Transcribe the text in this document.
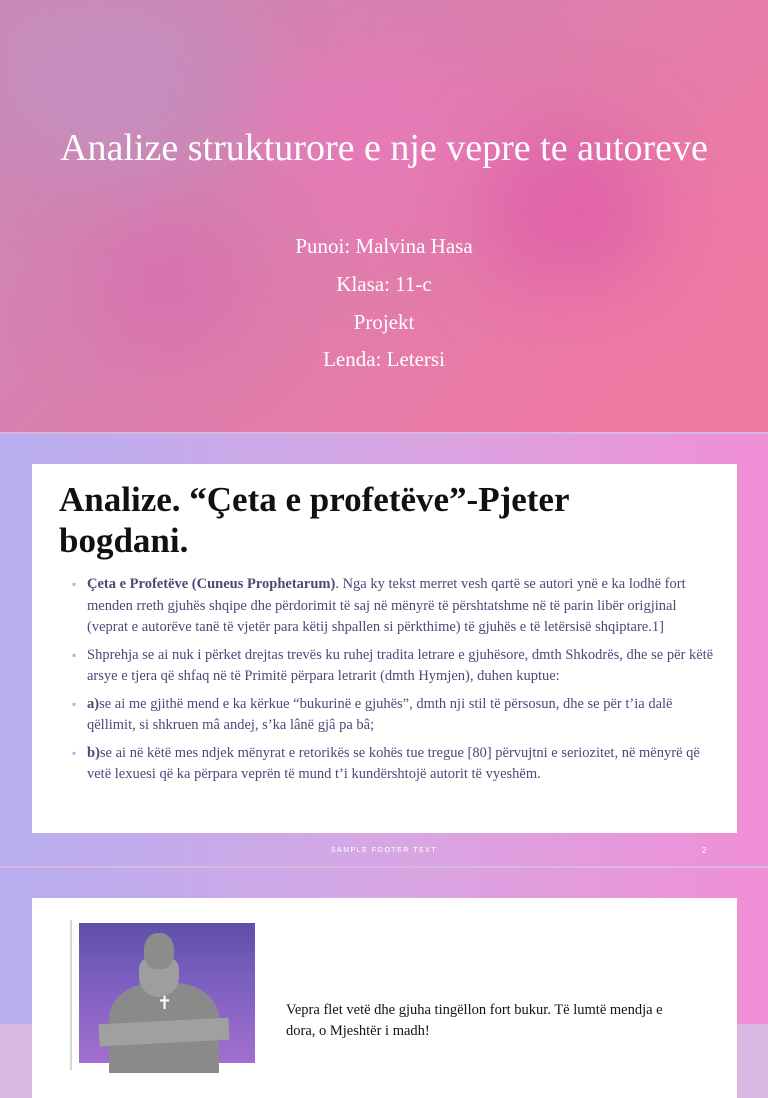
Analize strukturore e nje vepre te autoreve
Punoi: Malvina Hasa
Klasa: 11-c
Projekt
Lenda: Letersi
Analize. “Çeta e profetëve”-Pjeter bogdani.
▪ Çeta e Profetëve (Cuneus Prophetarum). Nga ky tekst merret vesh qartë se autori ynë e ka lodhë fort menden rreth gjuhës shqipe dhe përdorimit të saj në mënyrë të përshtatshme në të parin libër origjinal (veprat e autorëve tanë të vjetër para këtij shpallen si përkthime) të gjuhës e të letërsisë shqiptare.1]
▪ Shprehja se ai nuk i përket drejtas trevës ku ruhej tradita letrare e gjuhësore, dmth Shkodrës, dhe se për këtë arsye e tjera që shfaq në të Primitë përpara letrarit (dmth Hymjen), duhen kuptue:
▪ a)se ai me gjithë mend e ka kërkue “bukurinë e gjuhës”, dmth nji stil të përsosun, dhe se për t’ia dalë qëllimit, si shkruen mâ andej, s’ka lânë gjâ pa bâ;
▪ b)se ai në këtë mes ndjek mënyrat e retorikës se kohës tue tregue [80] përvujtni e seriozitet, në mënyrë që vetë lexuesi që ka përpara veprën të mund t’i kundërshtojë autorit të vyeshëm.
SAMPLE FOOTER TEXT	2
✝	Vepra flet vetë dhe gjuha tingëllon fort bukur. Të lumtë mendja e dora, o Mjeshtër i madh!
